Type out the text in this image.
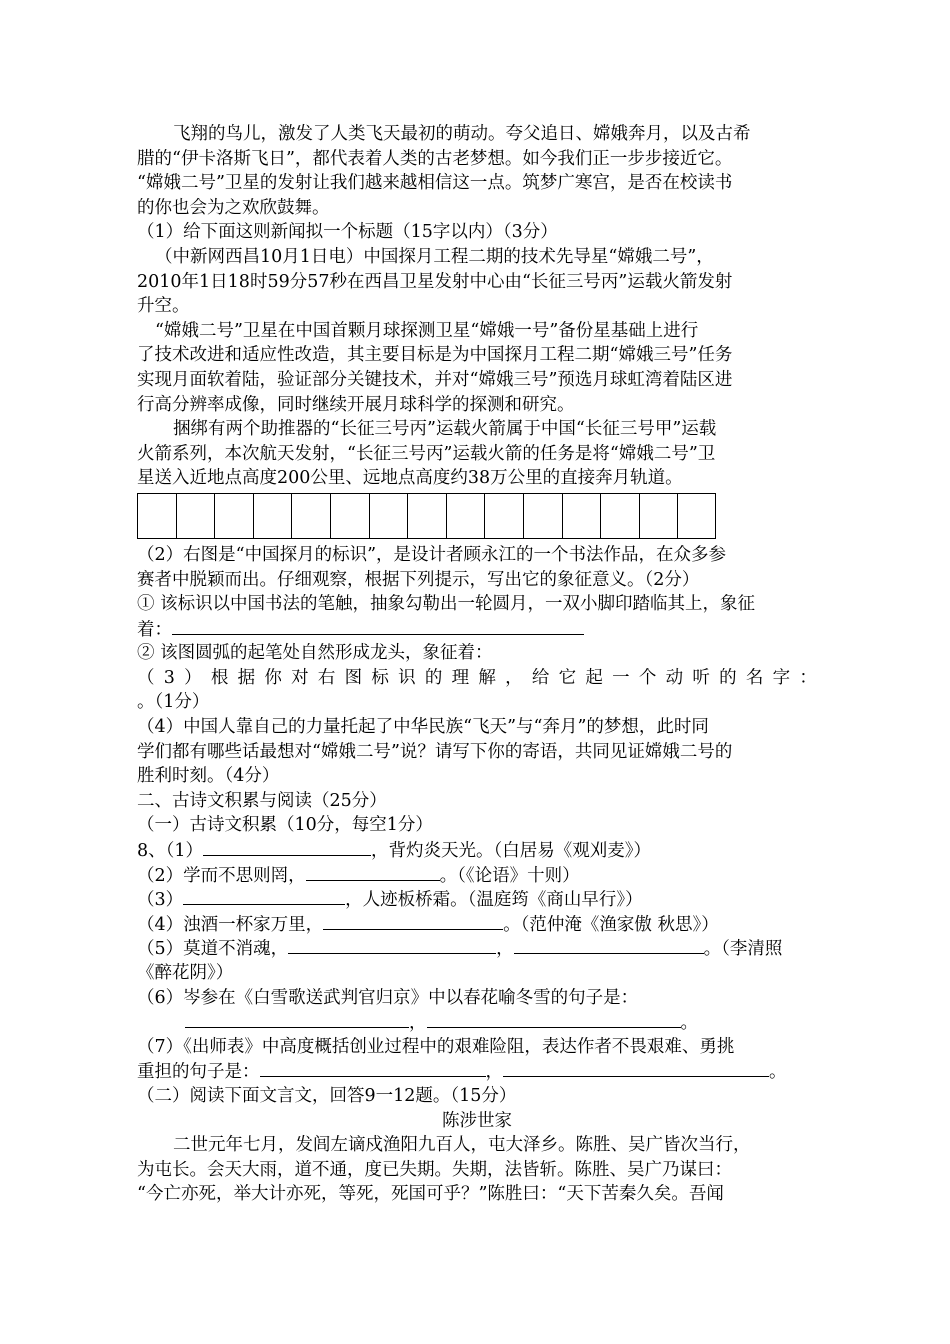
飞翔的鸟儿，激发了人类飞天最初的萌动。夸父追日、嫦娥奔月，以及古希
腊的“伊卡洛斯飞日”，都代表着人类的古老梦想。如今我们正一步步接近它。
“嫦娥二号”卫星的发射让我们越来越相信这一点。筑梦广寒宫，是否在校读书
的你也会为之欢欣鼓舞。
（1）给下面这则新闻拟一个标题（15字以内）（3分）
（中新网西昌10月1日电）中国探月工程二期的技术先导星“嫦娥二号”，
2010年1日18时59分57秒在西昌卫星发射中心由“长征三号丙”运载火箭发射
升空。
“嫦娥二号”卫星在中国首颗月球探测卫星“嫦娥一号”备份星基础上进行
了技术改进和适应性改造，其主要目标是为中国探月工程二期“嫦娥三号”任务
实现月面软着陆，验证部分关键技术，并对“嫦娥三号”预选月球虹湾着陆区进
行高分辨率成像，同时继续开展月球科学的探测和研究。
捆绑有两个助推器的“长征三号丙”运载火箭属于中国“长征三号甲”运载
火箭系列，本次航天发射，“长征三号丙”运载火箭的任务是将“嫦娥二号”卫
星送入近地点高度200公里、远地点高度约38万公里的直接奔月轨道。
（2）右图是“中国探月的标识”，是设计者顾永江的一个书法作品，在众多参
赛者中脱颖而出。仔细观察，根据下列提示，写出它的象征意义。（2分）
① 该标识以中国书法的笔触，抽象勾勒出一轮圆月，一双小脚印踏临其上，象征
着：
② 该图圆弧的起笔处自然形成龙头，象征着：
（ 3 ） 根 据 你 对 右 图 标 识 的 理 解 ， 给 它 起 一 个 动 听 的 名 字 ：
。（1分）
（4）中国人靠自己的力量托起了中华民族“飞天”与“奔月”的梦想，此时同
学们都有哪些话最想对“嫦娥二号”说？请写下你的寄语，共同见证嫦娥二号的
胜利时刻。（4分）
二、古诗文积累与阅读（25分）
（一）古诗文积累（10分，每空1分）
8、（1）	，背灼炎天光。（白居易《观刈麦》）
（2）学而不思则罔，	。（《论语》十则）
（3）	，人迹板桥霜。（温庭筠《商山早行》）
（4）浊酒一杯家万里，	。（范仲淹《渔家傲 秋思》）
（5）莫道不消魂，	，	。（李清照
《醉花阴》）
（6）岑参在《白雪歌送武判官归京》中以春花喻冬雪的句子是：
，	。
（7）《出师表》中高度概括创业过程中的艰难险阻，表达作者不畏艰难、勇挑
重担的句子是：	，	。
（二）阅读下面文言文，回答9一12题。（15分）
陈涉世家
二世元年七月，发闾左谪戍渔阳九百人，屯大泽乡。陈胜、吴广皆次当行，
为屯长。会天大雨，道不通，度已失期。失期，法皆斩。陈胜、吴广乃谋曰：
“今亡亦死，举大计亦死，等死，死国可乎？”陈胜曰：“天下苦秦久矣。吾闻
